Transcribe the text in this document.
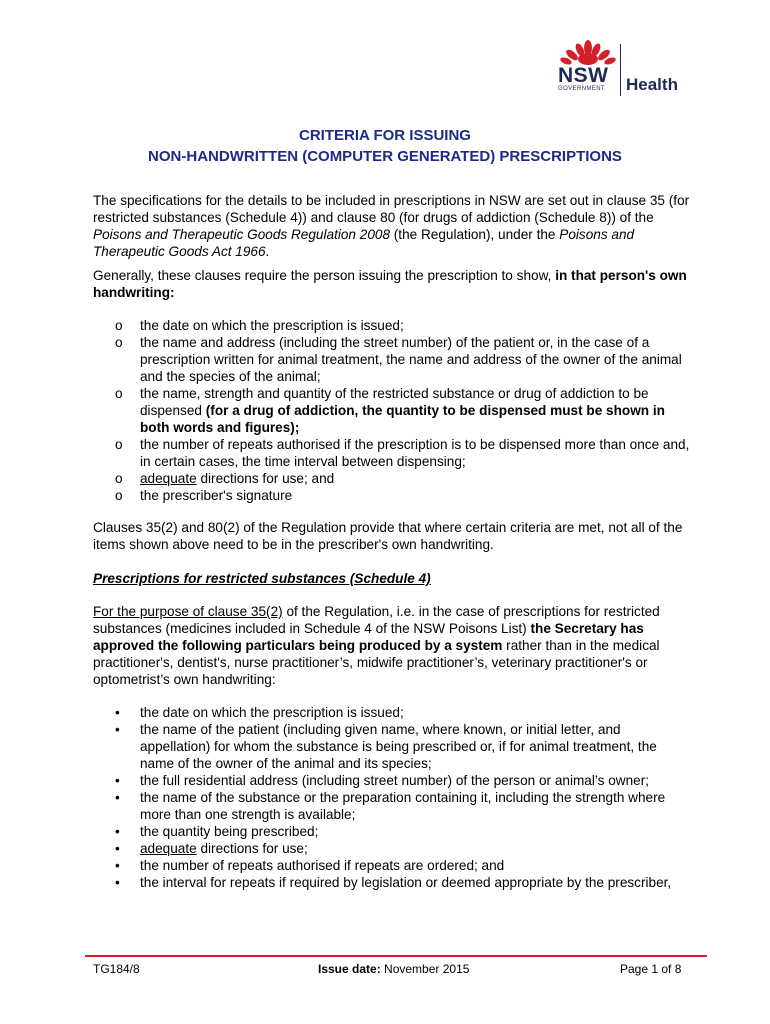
NSW
GOVERNMENT Health
CRITERIA FOR ISSUING
NON-HANDWRITTEN (COMPUTER GENERATED) PRESCRIPTIONS
The specifications for the details to be included in prescriptions in NSW are set out in clause 35 (for restricted substances (Schedule 4)) and clause 80 (for drugs of addiction (Schedule 8)) of the Poisons and Therapeutic Goods Regulation 2008 (the Regulation), under the Poisons and Therapeutic Goods Act 1966.
Generally, these clauses require the person issuing the prescription to show, in that person's own handwriting:
o the date on which the prescription is issued;
o the name and address (including the street number) of the patient or, in the case of a prescription written for animal treatment, the name and address of the owner of the animal and the species of the animal;
o the name, strength and quantity of the restricted substance or drug of addiction to be dispensed (for a drug of addiction, the quantity to be dispensed must be shown in both words and figures);
o the number of repeats authorised if the prescription is to be dispensed more than once and, in certain cases, the time interval between dispensing;
o adequate directions for use; and
o the prescriber's signature
Clauses 35(2) and 80(2) of the Regulation provide that where certain criteria are met, not all of the items shown above need to be in the prescriber's own handwriting.
Prescriptions for restricted substances (Schedule 4)
For the purpose of clause 35(2) of the Regulation, i.e. in the case of prescriptions for restricted substances (medicines included in Schedule 4 of the NSW Poisons List) the Secretary has approved the following particulars being produced by a system rather than in the medical practitioner's, dentist's, nurse practitioner’s, midwife practitioner’s, veterinary practitioner's or optometrist’s own handwriting:
• the date on which the prescription is issued;
• the name of the patient (including given name, where known, or initial letter, and appellation) for whom the substance is being prescribed or, if for animal treatment, the name of the owner of the animal and its species;
• the full residential address (including street number) of the person or animal’s owner;
• the name of the substance or the preparation containing it, including the strength where more than one strength is available;
• the quantity being prescribed;
• adequate directions for use;
• the number of repeats authorised if repeats are ordered; and
• the interval for repeats if required by legislation or deemed appropriate by the prescriber,
TG184/8	Issue date: November 2015	Page 1 of 8
